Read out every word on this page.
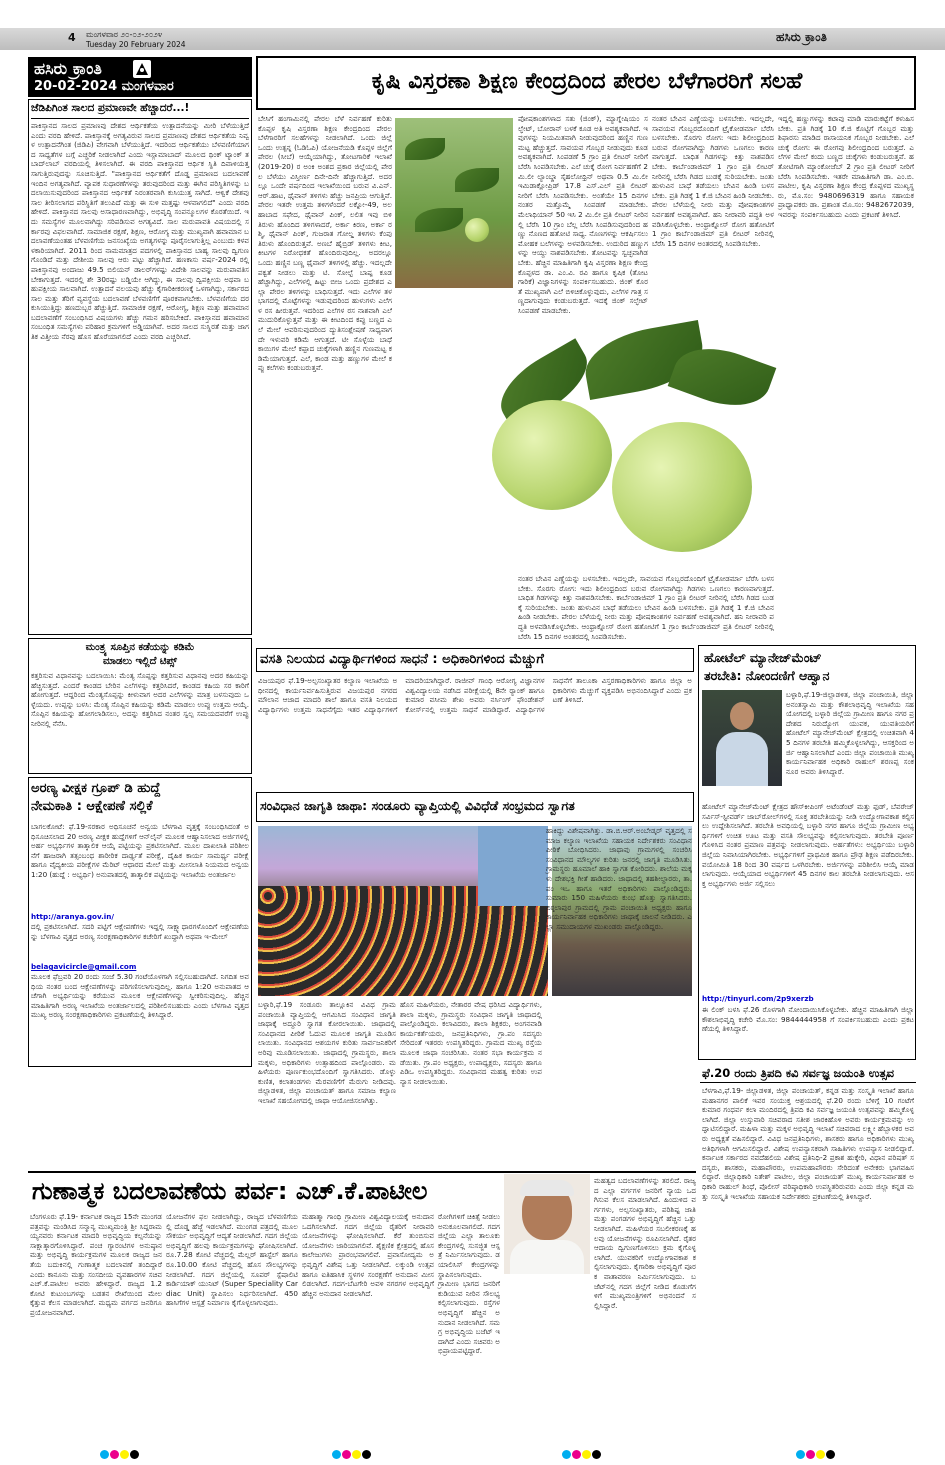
4 ಮಂಗಳವಾರ ೨೦-೦೨-೨೦೨೪
Tuesday 20 February 2024
ಹಸಿರು ಕ್ರಾಂತಿ
ಹಸಿರು ಕ್ರಾಂತಿ
20-02-2024 ಮಂಗಳವಾರ
ಜೆಡಿಪಿಗಿಂತ ಸಾಲದ ಪ್ರಮಾಣವೇ ಹೆಚ್ಚಾದರೆ...!
ಪಾಕಿಸ್ತಾನದ ಸಾಲದ ಪ್ರಮಾಣವು ದೇಶದ ಆರ್ಥಿಕತೆಯ ಉತ್ಪಾದನೆಯನ್ನು ಮೀರಿ ಬೆಳೆಯುತ್ತಿದೆ ಎಂದು ವರದಿ ಹೇಳಿದೆ. ಪಾಕಿಸ್ತಾನಕ್ಕೆ ಅಗತ್ಯವಿರುವ ಸಾಲದ ಪ್ರಮಾಣವು ದೇಶದ ಆರ್ಥಿಕತೆಯ ನಿವ್ವಳ ಉತ್ಪಾದನೆಗಿಂತ (ಜಿಡಿಪಿ) ವೇಗವಾಗಿ ಬೆಳೆಯುತ್ತಿದೆ. ಇದರಿಂದ ಆರ್ಥಿಕತೆಯು ಬೆಳವಣಿಗೆಯಾಗದ ಸಾಧ್ಯತೆಗಳ ಬಗ್ಗೆ ಎಚ್ಚರಿಕೆ ನೀಡಲಾಗಿದೆ ಎಂದು ಇಸ್ಲಾಮಾಬಾದ್ ಮೂಲದ ಥಿಂಕ್ ಟ್ಯಾಂಕ್ ತಬಾದ್‌ಲಾಬ್ ವರದಿಯಲ್ಲಿ ತಿಳಿಸಲಾಗಿದೆ. ಈ ವರದಿ ಪಾಕಿಸ್ತಾನದ ಆರ್ಥಿಕ ಸ್ಥಿತಿ ದಿವಾಳಿಯತ್ತ ಸಾಗುತ್ತಿರುವುದನ್ನು ಸೂಚಿಸುತ್ತಿದೆ. "ಪಾಕಿಸ್ತಾನದ ಆರ್ಥಿಕತೆಗೆ ದೊಡ್ಡ ಪ್ರಮಾಣದ ಬದಲಾವಣೆ ಇಂದಿನ ಅಗತ್ಯವಾಗಿದೆ. ವ್ಯಾಪಕ ಸುಧಾರಣೆಗಳನ್ನು ತರುವುದರಿಂದ ಮತ್ತು ಈಗಿನ ಪರಿಸ್ಥಿತಿಗಳನ್ನು ಬದಲಾಯಿಸುವುದರಿಂದ ಪಾಕಿಸ್ತಾನದ ಆರ್ಥಿಕತೆ ನಿರಂತರವಾಗಿ ಕುಸಿಯುತ್ತ ಸಾಗಿದೆ. ಆಳ್ವಿಕೆ ದೇಶವು ಸಾಲ ತೀರಿಸಲಾಗದ ಪರಿಸ್ಥಿತಿಗೆ ತಲುಪಿದೆ ಮತ್ತು ಈ ಸುಳಿ ಮತ್ತಷ್ಟು ಆಳವಾಗಲಿದೆ" ಎಂದು ವರದಿ ಹೇಳಿದೆ. ಪಾಕಿಸ್ತಾನದ ಸಾಲವು ಅಸಾಧಾರಣವಾಗಿದ್ದು, ಅಭಿವೃದ್ಧಿ ಸಂಪನ್ಮೂಲಗಳ ಕೊರತೆಯಿದೆ. ಇದು ಸಮಸ್ಯೆಗಳ ಮೂಲವಾಗಿದ್ದು ಸರಿಪಡಿಸುವ ಅಗತ್ಯವಿದೆ. ಸಾಲ ಮರುಪಾವತಿ ವಿಷಯದಲ್ಲಿ ಸರ್ಕಾರವು ವಿಫಲವಾಗಿದೆ. ಸಾಮಾಜಿಕ ರಕ್ಷಣೆ, ಶಿಕ್ಷಣ, ಆರೋಗ್ಯ ಮತ್ತು ಮುಖ್ಯವಾಗಿ ಹವಾಮಾನ ಬದಲಾವಣೆಯಂತಹ ಬೆಳವಣಿಗೆಯ ಜನಸಂಖ್ಯೆಯ ಅಗತ್ಯಗಳನ್ನು ಪೂರೈಸಲಾಗುತ್ತಿಲ್ಲ ಎಂಬುದು ಕಳವಳಕಾರಿಯಾಗಿದೆ. 2011 ರಿಂದ ನಾಮಮಾತ್ರದ ಪದಗಳಲ್ಲಿ ಪಾಕಿಸ್ತಾನದ ಬಾಹ್ಯ ಸಾಲವು ದ್ವಿಗುಣಗೊಂಡಿದೆ ಮತ್ತು ದೇಶೀಯ ಸಾಲವು ಆರು ಪಟ್ಟು ಹೆಚ್ಚಾಗಿದೆ. ಹಣಕಾಸು ವರ್ಷ-2024 ರಲ್ಲಿ ಪಾಕಿಸ್ತಾನವು ಅಂದಾಜು 49.5 ಬಿಲಿಯನ್ ಡಾಲರ್‌ಗಳಷ್ಟು ವಿದೇಶಿ ಸಾಲವನ್ನು ಮರುಪಾವತಿಸಬೇಕಾಗುತ್ತದೆ. ಇದರಲ್ಲಿ ಶೇ 30ರಷ್ಟು ಬಡ್ಡಿಯೇ ಆಗಿದ್ದು, ಈ ಸಾಲವು ದ್ವಿಪಕ್ಷೀಯ ಅಥವಾ ಬಹುಪಕ್ಷೀಯ ಸಾಲವಾಗಿದೆ. ಉತ್ಪಾದನೆ ವಲಯವು ಹೆಚ್ಚು ಕೈಗಾರಿಕೀಕರಣಕ್ಕೆ ಒಳಗಾಗಿದ್ದು, ಸರ್ಕಾರದ ಸಾಲ ಮತ್ತು ತೆರಿಗೆ ವ್ಯವಸ್ಥೆಯ ಬದಲಾವಣೆ ಬೆಳವಣಿಗೆಗೆ ಪೂರಕವಾಗಬೇಕು. ಬೆಳವಣಿಗೆಯ ದರ ಕುಸಿಯುತ್ತಿದ್ದು ಹಣದುಬ್ಬರ ಹೆಚ್ಚುತ್ತಿದೆ. ಸಾಮಾಜಿಕ ರಕ್ಷಣೆ, ಆರೋಗ್ಯ, ಶಿಕ್ಷಣ ಮತ್ತು ಹವಾಮಾನ ಬದಲಾವಣೆಗೆ ಸಂಬಂಧಿಸಿದ ವಿಷಯಗಳು ಹೆಚ್ಚು ಗಮನ ಹರಿಸಬೇಕಿದೆ. ಪಾಕಿಸ್ತಾನದ ಹವಾಮಾನ ಸಂಬಂಧಿತ ಸಮಸ್ಯೆಗಳು ಪರಿಹಾರ ಕ್ರಮಗಳಿಗೆ ಅಡ್ಡಿಯಾಗಿವೆ. ಅದರ ಸಾಲದ ಸುಸ್ಥಿರತೆ ಮತ್ತು ಜಾಗತಿಕ ವಿತ್ತೀಯ ನೆರವು ಹೊಸ ಹೊರೆಯಾಗಲಿದೆ ಎಂದು ವರದಿ ಎಚ್ಚರಿಸಿದೆ.
ಮಂತ್ರ್ಯ ಸೂಪ್ತಿನ ಕಡೆಯನ್ನು ಕಡಿಮೆ
ಮಾಡಲು ಇಲ್ಲಿದೆ ಟಿಪ್ಸ್
ಕತ್ತರಿಸುವ ವಿಧಾನವನ್ನು ಬದಲಾಯಿಸಿ: ಮೆಂತ್ಯ ಸೊಪ್ಪನ್ನು ಕತ್ತರಿಸುವ ವಿಧಾನವು ಅದರ ಕಹಿಯನ್ನು ಹೆಚ್ಚಿಸುತ್ತದೆ. ಎಂದರೆ ಕಾಂಡದ ಬೇರಿನ ಎಲೆಗಳನ್ನು ಕತ್ತರಿಸಿದರೆ, ಕಾಂಡದ ಕಹಿಯ ಸರ ಕಾರಿಗೆ ಹೋಗುತ್ತದೆ. ಆದ್ದರಿಂದ ಮೆಂತ್ಯಸೊಪ್ಪನ್ನು ಕೀಳುವಾಗ ಅದರ ಎಲೆಗಳನ್ನು ಮಾತ್ರ ಬಳಸುವುದು ಒಳ್ಳೆಯದು. ಉಪ್ಪನ್ನು ಬಳಸಿ: ಮೆಂತ್ಯ ಸೊಪ್ಪಿನ ಕಹಿಯನ್ನು ಕಡಿಮೆ ಮಾಡಲು ಉಪ್ಪು ಉತ್ತಮ ಆಯ್ಕೆ. ಸೊಪ್ಪಿನ ಕಹಿಯನ್ನು ಹೋಗಲಾಡಿಸಲು, ಅದನ್ನು ಕತ್ತರಿಸಿದ ನಂತರ ಸ್ವಲ್ಪ ಸಮಯದವರೆಗೆ ಉಪ್ಪು ನೀರಿನಲ್ಲಿ ನೆನೆಸಿ.
ಅರಣ್ಯ ವೀಕ್ಷಕ ಗ್ರೂಪ್ ಡಿ ಹುದ್ದೆ
ನೇಮಕಾತಿ : ಆಕ್ಷೇಪಣೆ ಸಲ್ಲಿಕೆ
ಬಾಗಲಕೋಟೆ: ಫೆ.19-ಸರಕಾರ ಅಧಿಸೂಚನೆ ಅನ್ವಯ ಬೆಳಗಾವಿ ವೃತ್ತಕ್ಕೆ ಸಂಬಂಧಿಸಿದಂತೆ ಅಧಿಸೂಚಿಸಲಾದ 20 ಅರಣ್ಯ ವೀಕ್ಷಕ ಹುದ್ದೆಗಳಿಗೆ ಆನ್‌ಲೈನ್ ಮೂಲಕ ಆಹ್ವಾನಿಸಲಾದ ಅರ್ಜಿಗಳಲ್ಲಿ ಅರ್ಹ ಅಭ್ಯರ್ಥಿಗಳ ತಾತ್ಕಾಲಿಕ ಆಯ್ಕೆ ಪಟ್ಟಿಯನ್ನು ಪ್ರಕಟಿಸಲಾಗಿದೆ. ಮೂಲ ದಾಖಲಾತಿ ಪರಿಶೀಲನೆಗೆ ಹಾಜರಾಗಿ ತತ್ಸಂಬಂಧ ಶಾರೀರಿಕ ದಾರ್ಢ್ಯತೆ ಪರೀಕ್ಷೆ, ದೈಹಿಕ ಕಾರ್ಯ ಸಾಮರ್ಥ್ಯ ಪರೀಕ್ಷೆ ಹಾಗೂ ವೈದ್ಯಕೀಯ ಪರೀಕ್ಷೆಗಳ ಮೆರಿಟ್ ಆಧಾರದ ಮೇಲೆ ಮತ್ತು ಮೀಸಲಾತಿ ನಿಯಮದ ಅನ್ವಯ 1:20 (ಹುದ್ದೆ : ಅಭ್ಯರ್ಥಿ) ಅನುಪಾತದಲ್ಲಿ ತಾತ್ಕಾಲಿಕ ಪಟ್ಟಿಯನ್ನು ಇಲಾಖೆಯ ಅಂತರ್ಜಾಲ
http://aranya.gov.in/
ದಲ್ಲಿ ಪ್ರಕಟಿಸಲಾಗಿದೆ. ಸದರಿ ಪಟ್ಟಿಗೆ ಆಕ್ಷೇಪಣೆಗಳು ಇದ್ದಲ್ಲಿ ಸಾಕ್ಷ್ಯಾಧಾರಗಳೊಂದಿಗೆ ಆಕ್ಷೇಪಣೆಯನ್ನು ಬೆಳಗಾವಿ ವೃತ್ತದ ಅರಣ್ಯ ಸಂರಕ್ಷಣಾಧಿಕಾರಿಗಳ ಕಚೇರಿಗೆ ಖುದ್ದಾಗಿ ಅಥವಾ ಇ-ಮೇಲ್
belagavicircle@gmail.com
ಮೂಲಕ ಫೆಬ್ರವರಿ 20 ರಂದು ಸಂಜೆ 5.30 ಗಂಟೆಯೊಳಗಾಗಿ ಸಲ್ಲಿಸಬಹುದಾಗಿದೆ. ನಿಗದಿತ ಅವಧಿಯ ನಂತರ ಬಂದ ಆಕ್ಷೇಪಣೆಗಳನ್ನು ಪರಿಗಣಿಸಲಾಗುವುದಿಲ್ಲ. ಹಾಗೂ 1:20 ಅನುಪಾತದ ಆಚೆಗಾಗಿ ಅಭ್ಯರ್ಥಿಯನ್ನು ಕರೆಯುವ ಮೂಲಕ ಆಕ್ಷೇಪಣೆಗಳನ್ನು ಸ್ವೀಕರಿಸುವುದಿಲ್ಲ. ಹೆಚ್ಚಿನ ಮಾಹಿತಿಗಾಗಿ ಅರಣ್ಯ ಇಲಾಖೆಯ ಅಂತರ್ಜಾಲದಲ್ಲಿ ಪರಿಶೀಲಿಸಬಹುದು ಎಂದು ಬೆಳಗಾವಿ ವೃತ್ತದ ಮುಖ್ಯ ಅರಣ್ಯ ಸಂರಕ್ಷಣಾಧಿಕಾರಿಗಳು ಪ್ರಕಟಣೆಯಲ್ಲಿ ತಿಳಿಸಿದ್ದಾರೆ.
ಕೃಷಿ ವಿಸ್ತರಣಾ ಶಿಕ್ಷಣ ಕೇಂದ್ರದಿಂದ ಪೇರಲ ಬೆಳೆಗಾರರಿಗೆ ಸಲಹೆ
ಬೇಸಿಗೆ ಹಂಗಾಮಿನಲ್ಲಿ ಪೇರಲ ಬೆಳೆ ನಿರ್ವಹಣೆ ಕುರಿತು ಕೊಪ್ಪಳ ಕೃಷಿ ವಿಸ್ತರಣಾ ಶಿಕ್ಷಣ ಕೇಂದ್ರದಿಂದ ಪೇರಲ ಬೆಳೆಗಾರರಿಗೆ ಸಲಹೆಗಳನ್ನು ನೀಡಲಾಗಿದೆ. ಒಂದು ಜಿಲ್ಲೆ ಒಂದು ಉತ್ಪನ್ನ (ಓಡಿಓಪಿ) ಯೋಜನೆಯಡಿ ಕೊಪ್ಪಳ ಜಿಲ್ಲೆಗೆ ಪೇರಲ (ಸೀಬೆ) ಆಯ್ಕೆಯಾಗಿದ್ದು, ತೋಟಗಾರಿಕೆ ಇಲಾಖೆ (2019-20) ರ ಅಂಕಿ ಅಂಶದ ಪ್ರಕಾರ ಜಿಲ್ಲೆಯಲ್ಲಿ ಪೇರಲ ಬೆಳೆಯು ವಿಸ್ತೀರ್ಣ ದಿನೇ-ದಿನೇ ಹೆಚ್ಚಾಗುತ್ತಿದೆ. ಅದರಲ್ಲೂ ಒಂದೇ ವರ್ಷದಿಂದ ಇಲಾಖೆಯಿಂದ ಬರುವ ವಿ.ಎನ್.ಆರ್.ಹಾಟ, ಥೈವಾನ್ ತಳಿಗಳು ಹೆಚ್ಚು ಜನಪ್ರಿಯ ಆಗುತ್ತಿವೆ. ಪೇರಲ ಇತರೇ ಉತ್ತಮ ತಳಿಗಳೆಂದರೆ ಲಕ್ನೋ-49, ಅಲಹಾಬಾದ ಸಫೇದ, ಥೈವಾನ್ ಪಿಂಕ್, ಲಲಿತ ಇವು ಬಿಳಿ ತಿರುಳು ಹೊಂದಿದ ತಳಿಗಳಾದರೆ, ಅರ್ಕಾ ಕಿರಣ, ಅರ್ಕಾ ರಶ್ಮಿ, ಥೈವಾನ್ ಪಿಂಕ್, ಗುಜರಾತ ಗೋಲ್ಡ ತಳಿಗಳು ಕೆಂಪು ತಿರುಳು ಹೊಂದಿರುತ್ತವೆ. ಅಣಬೆ ಹೈಬ್ರಿಡ್ ತಳಿಗಳು ಕೀಟ, ಕೀಟಗಳ ನಿರೋಧಕತೆ ಹೊಂದಿರುವುದಿಲ್ಲ. ಅದರಲ್ಲೂ ಒಂದು ಹಣ್ಣಿನ ಬಣ್ಣ ಥೈವಾನ್ ತಳಿಗಳಲ್ಲಿ ಹೆಚ್ಚು. ಇದಲ್ಲದೇ ಪಕ್ವತೆ ನೀಡಲು ಮತ್ತು ಟಿ. ಸೋಲ್ಟೆ ಬಾಷ್ಪ ಕೂಡ ಹೆಚ್ಚಾಗಿದ್ದು, ಎಲೆಗಳಲ್ಲಿ ಹಿಟ್ಟು ಬೀಜ ಒಂದು ಪ್ರದೇಶದ ಎಲ್ಲಾ ಪೇರಲ ತಳಿಗಳನ್ನು ಬಾಧಿಸುತ್ತದೆ. ಇದು ಎಲೆಗಳ ತಳಭಾಗದಲ್ಲಿ ಮೊಟ್ಟೆಗಳನ್ನು ಇಡುವುದರಿಂದ ಹುಳುಗಳು ಎಲೆಗಳ ರಸ ಹೀರುತ್ತವೆ. ಇದರಿಂದ ಎಲೆಗಳ ರಸ ನಾಶವಾಗಿ ಎಲೆ ಮುದುರಿಕೊಳ್ಳುತ್ತವೆ ಮತ್ತು ಈ ಕೀಟದಿಂದ ಕಪ್ಪು ಬಣ್ಣದ ಎಲೆ ಮೇಲೆ ಆವರಿಸುವುದರಿಂದ ದ್ಯುತಿಸಂಶ್ಲೇಷಣೆ ಸಾಧ್ಯವಾಗದೇ ಇಳುವರಿ ಕಡಿಮೆ ಆಗುತ್ತದೆ. ಟೀ ಸೊಳ್ಳೆಯ ಬಾಧೆ ಕಾಯಿಗಳ ಮೇಲೆ ಕಪ್ಪಾದ ಚುಕ್ಕೆಗಳಾಗಿ ಹಣ್ಣಿನ ಗುಣಮಟ್ಟ ಕಡಿಮೆಯಾಗುತ್ತದೆ. ಎಲೆ, ಕಾಂಡ ಮತ್ತು ಹಣ್ಣುಗಳ ಮೇಲೆ ಕಪ್ಪು ಕಲೆಗಳು ಕಂಡುಬರುತ್ತವೆ.
ಪೋಷಕಾಂಶಗಳಾದ ಸತು (ಜಿಂಕ್), ಮ್ಯಾಗ್ನೇಷಿಯಂ ಸಲ್ಫೇಟ್, ಬೋರಾನ್ ಬಳಕೆ ಕೂಡ ಅತಿ ಅವಶ್ಯಕವಾಗಿದೆ. ಇವುಗಳನ್ನು ನಿಯಮಿತವಾಗಿ ನೀಡುವುದರಿಂದ ಹಣ್ಣಿನ ಗುಣಮಟ್ಟ ಹೆಚ್ಚುತ್ತದೆ. ಸಾವಯವ ಗೊಬ್ಬರ ನೀಡುವುದು ಕೂಡ ಅವಶ್ಯಕವಾಗಿದೆ. ಸಿಂಪಡಣೆ 5 ಗ್ರಾಂ ಪ್ರತಿ ಲೀಟರ್ ನೀರಿಗೆ ಬೆರೆಸಿ ಸಿಂಪಡಿಸಬೇಕು. ಎಲೆ ಚುಕ್ಕೆ ರೋಗ ನಿರ್ವಹಣೆಗೆ 2 ಮಿ.ಲೀ ಲ್ಯಾಂಬ್ಡಾ ಸೈಹಲೋಥ್ರಿನ್ ಅಥವಾ 0.5 ಮಿ.ಲೀ ಇಮಿಡಾಕ್ಲೋಪ್ರಿಡ್ 17.8 ಎಸ್.ಎಲ್ ಪ್ರತಿ ಲೀಟರ್ ನೀರಿಗೆ ಬೆರೆಸಿ ಸಿಂಪಡಿಸಬೇಕು. ಅಂತೆಯೇ 15 ದಿನಗಳ ನಂತರ ಮತ್ತೊಮ್ಮೆ ಸಿಂಪಡಣೆ ಮಾಡಬೇಕು. ಮೆಲಾಥಿಯಾನ್ 50 ಇಸಿ 2 ಮಿ.ಲೀ ಪ್ರತಿ ಲೀಟರ್ ನೀರಿನಲ್ಲಿ ಬೆರೆಸಿ 10 ಗ್ರಾಂ ಬೆಲ್ಲ ಬೆರೆಸಿ ಸಿಂಪಡಿಸುವುದರಿಂದ ಹಣ್ಣು ನೊಣದ ಹತೋಟಿ ಸಾಧ್ಯ. ನೊಣಗಳನ್ನು ಆಕರ್ಷಿಸಲು ಮೋಹಕ ಬಲೆಗಳನ್ನು ಅಳವಡಿಸಬೇಕು. ಉದುರಿದ ಹಣ್ಣುಗಳನ್ನು ಆಯ್ದು ನಾಶಪಡಿಸಬೇಕು. ತೋಟವನ್ನು ಸ್ವಚ್ಛವಾಗಿಡಬೇಕು. ಹೆಚ್ಚಿನ ಮಾಹಿತಿಗಾಗಿ ಕೃಷಿ ವಿಸ್ತರಣಾ ಶಿಕ್ಷಣ ಕೇಂದ್ರ ಕೊಪ್ಪಳದ ಡಾ. ಎಂ.ವಿ. ರವಿ ಹಾಗೂ ಕೃಷಿಕ (ತೋಟಗಾರಿಕೆ) ವಿಜ್ಞಾನಿಗಳನ್ನು ಸಂಪರ್ಕಿಸಬಹುದು. ಜಿಂಕ್ ಕೊರತೆ ಮುಖ್ಯವಾಗಿ ಎಲೆ ಬಿಳಿಚಿಕೊಳ್ಳುವುದು, ಎಲೆಗಳ ಗಾತ್ರ ಸಣ್ಣದಾಗುವುದು ಕಂಡುಬರುತ್ತದೆ. ಇದಕ್ಕೆ ಜಿಂಕ್ ಸಲ್ಫೇಟ್ ಸಿಂಪಡಣೆ ಮಾಡಬೇಕು.
ನಂತರ ಬೇವಿನ ಎಣ್ಣೆಯನ್ನು ಬಳಸಬೇಕು. ಇದಲ್ಲದೇ, ಸಾವಯವ ಗೊಬ್ಬರದೊಂದಿಗೆ ಟ್ರೈಕೋಡರ್ಮಾ ಬೆರೆಸಿ ಬಳಸಬೇಕು. ಸೊರಗು ರೋಗ: ಇದು ಶಿಲೀಂಧ್ರದಿಂದ ಬರುವ ರೋಗವಾಗಿದ್ದು ಗಿಡಗಳು ಒಣಗಲು ಕಾರಣವಾಗುತ್ತದೆ. ಬಾಧಿತ ಗಿಡಗಳನ್ನು ಕಿತ್ತು ನಾಶಪಡಿಸಬೇಕು. ಕಾರ್ಬೆಂಡಾಜಿಮ್ 1 ಗ್ರಾಂ ಪ್ರತಿ ಲೀಟರ್ ನೀರಿನಲ್ಲಿ ಬೆರೆಸಿ ಗಿಡದ ಬುಡಕ್ಕೆ ಸುರಿಯಬೇಕು. ಜಂತು ಹುಳುವಿನ ಬಾಧೆ ತಡೆಯಲು ಬೇವಿನ ಹಿಂಡಿ ಬಳಸಬೇಕು. ಪ್ರತಿ ಗಿಡಕ್ಕೆ 1 ಕೆ.ಜಿ ಬೇವಿನ ಹಿಂಡಿ ನೀಡಬೇಕು. ಪೇರಲ ಬೆಳೆಯಲ್ಲಿ ನೀರು ಮತ್ತು ಪೋಷಕಾಂಶಗಳ ನಿರ್ವಹಣೆ ಅವಶ್ಯವಾಗಿದೆ. ಹನಿ ನೀರಾವರಿ ಪದ್ಧತಿ ಅಳವಡಿಸಿಕೊಳ್ಳಬೇಕು. ಆಂಥ್ರಾಕ್ನೋಸ್ ರೋಗ ಹತೋಟಿಗೆ 1 ಗ್ರಾಂ ಕಾರ್ಬೆಂಡಾಜಿಮ್ ಪ್ರತಿ ಲೀಟರ್ ನೀರಿನಲ್ಲಿ ಬೆರೆಸಿ 15 ದಿನಗಳ ಅಂತರದಲ್ಲಿ ಸಿಂಪಡಿಸಬೇಕು.
ಇದ್ದಲ್ಲಿ ಹಣ್ಣುಗಳನ್ನು ಕಟಾವು ಮಾಡಿ ಮಾರುಕಟ್ಟೆಗೆ ಕಳುಹಿಸಬೇಕು. ಪ್ರತಿ ಗಿಡಕ್ಕೆ 10 ಕೆ.ಜಿ ಕೊಟ್ಟಿಗೆ ಗೊಬ್ಬರ ಮತ್ತು ಶಿಫಾರಸು ಮಾಡಿದ ರಾಸಾಯನಿಕ ಗೊಬ್ಬರ ನೀಡಬೇಕು. ಎಲೆ ಚುಕ್ಕೆ ರೋಗ: ಈ ರೋಗವು ಶಿಲೀಂಧ್ರದಿಂದ ಬರುತ್ತದೆ. ಎಲೆಗಳ ಮೇಲೆ ಕಂದು ಬಣ್ಣದ ಚುಕ್ಕೆಗಳು ಕಂಡುಬರುತ್ತವೆ. ಹತೋಟಿಗಾಗಿ ಮ್ಯಾಂಕೋಜೆಬ್ 2 ಗ್ರಾಂ ಪ್ರತಿ ಲೀಟರ್ ನೀರಿಗೆ ಬೆರೆಸಿ ಸಿಂಪಡಿಸಬೇಕು. ಇತರೇ ಮಾಹಿತಿಗಾಗಿ ಡಾ. ಎಂ.ಬಿ. ಪಾಟೀಲ, ಕೃಷಿ ವಿಸ್ತರಣಾ ಶಿಕ್ಷಣ ಕೇಂದ್ರ ಕೊಪ್ಪಳದ ಮುಖ್ಯಸ್ಥರು, ಮೊ.ಸಂ: 9480696319 ಹಾಗೂ ಸಹಾಯಕ ಪ್ರಾಧ್ಯಾಪಕರು ಡಾ. ಪ್ರಶಾಂತ ಮೊ.ಸಂ: 9482672039, ಇವರನ್ನು ಸಂಪರ್ಕಿಸಬಹುದು ಎಂದು ಪ್ರಕಟಣೆ ತಿಳಿಸಿದೆ.
ನಂತರ ಬೇವಿನ ಎಣ್ಣೆಯನ್ನು ಬಳಸಬೇಕು. ಇದಲ್ಲದೇ, ಸಾವಯವ ಗೊಬ್ಬರದೊಂದಿಗೆ ಟ್ರೈಕೋಡರ್ಮಾ ಬೆರೆಸಿ ಬಳಸಬೇಕು. ಸೊರಗು ರೋಗ: ಇದು ಶಿಲೀಂಧ್ರದಿಂದ ಬರುವ ರೋಗವಾಗಿದ್ದು ಗಿಡಗಳು ಒಣಗಲು ಕಾರಣವಾಗುತ್ತದೆ. ಬಾಧಿತ ಗಿಡಗಳನ್ನು ಕಿತ್ತು ನಾಶಪಡಿಸಬೇಕು. ಕಾರ್ಬೆಂಡಾಜಿಮ್ 1 ಗ್ರಾಂ ಪ್ರತಿ ಲೀಟರ್ ನೀರಿನಲ್ಲಿ ಬೆರೆಸಿ ಗಿಡದ ಬುಡಕ್ಕೆ ಸುರಿಯಬೇಕು. ಜಂತು ಹುಳುವಿನ ಬಾಧೆ ತಡೆಯಲು ಬೇವಿನ ಹಿಂಡಿ ಬಳಸಬೇಕು. ಪ್ರತಿ ಗಿಡಕ್ಕೆ 1 ಕೆ.ಜಿ ಬೇವಿನ ಹಿಂಡಿ ನೀಡಬೇಕು. ಪೇರಲ ಬೆಳೆಯಲ್ಲಿ ನೀರು ಮತ್ತು ಪೋಷಕಾಂಶಗಳ ನಿರ್ವಹಣೆ ಅವಶ್ಯವಾಗಿದೆ. ಹನಿ ನೀರಾವರಿ ಪದ್ಧತಿ ಅಳವಡಿಸಿಕೊಳ್ಳಬೇಕು. ಆಂಥ್ರಾಕ್ನೋಸ್ ರೋಗ ಹತೋಟಿಗೆ 1 ಗ್ರಾಂ ಕಾರ್ಬೆಂಡಾಜಿಮ್ ಪ್ರತಿ ಲೀಟರ್ ನೀರಿನಲ್ಲಿ ಬೆರೆಸಿ 15 ದಿನಗಳ ಅಂತರದಲ್ಲಿ ಸಿಂಪಡಿಸಬೇಕು.
ವಸತಿ ನಿಲಯದ ವಿದ್ಯಾರ್ಥಿಗಳಿಂದ ಸಾಧನೆ : ಅಧಿಕಾರಿಗಳಿಂದ ಮೆಚ್ಚುಗೆ
ವಿಜಯಪುರ ಫೆ.19-ಅಲ್ಪಸಂಖ್ಯಾತರ ಕಲ್ಯಾಣ ಇಲಾಖೆಯ ಅಧೀನದಲ್ಲಿ ಕಾರ್ಯನಿರ್ವಹಿಸುತ್ತಿರುವ ವಿಜಯಪುರ ನಗರದ ಮೌಲಾನ ಆಜಾದ ಮಾದರಿ ಶಾಲೆ ಹಾಗೂ ವಸತಿ ನಿಲಯದ ವಿದ್ಯಾರ್ಥಿಗಳು ಉತ್ತಮ ಸಾಧನೆಗೈದು ಇತರ ವಿದ್ಯಾರ್ಥಿಗಳಿಗೆ ಮಾದರಿಯಾಗಿದ್ದಾರೆ. ರಾಜೀವ್ ಗಾಂಧಿ ಆರೋಗ್ಯ ವಿಜ್ಞಾನಗಳ ವಿಶ್ವವಿದ್ಯಾಲಯ ನಡೆಸಿದ ಪರೀಕ್ಷೆಯಲ್ಲಿ 8ನೇ ರ‍್ಯಾಂಕ್ ಹಾಗೂ ಕುಮಾರ ವಸೀಮ ಶೇಖ ಅವರು ನರ್ಸಿಂಗ್ ಫೌಂಡೇಶನ್ ಕೋರ್ಸ್‌ನಲ್ಲಿ ಉತ್ತಮ ಸಾಧನೆ ಮಾಡಿದ್ದಾರೆ. ವಿದ್ಯಾರ್ಥಿಗಳ ಸಾಧನೆಗೆ ತಾಲೂಕಾ ವಿಸ್ತರಣಾಧಿಕಾರಿಗಳು ಹಾಗೂ ಜಿಲ್ಲಾ ಅಧಿಕಾರಿಗಳು ಮೆಚ್ಚುಗೆ ವ್ಯಕ್ತಪಡಿಸಿ ಅಭಿನಂದಿಸಿದ್ದಾರೆ ಎಂದು ಪ್ರಕಟಣೆ ತಿಳಿಸಿದೆ.
ಸಂವಿಧಾನ ಜಾಗೃತಿ ಜಾಥಾ: ಸಂಡೂರು ವ್ಯಾಪ್ತಿಯಲ್ಲಿ ವಿವಿಧೆಡೆ ಸಂಭ್ರಮದ ಸ್ವಾಗತ
ಬಳ್ಳಾರಿ,ಫೆ.19 ಸಂಡೂರು ತಾಲ್ಲೂಕಿನ ವಿವಿಧ ಗ್ರಾಮ ಪಂಚಾಯಿತಿ ವ್ಯಾಪ್ತಿಯಲ್ಲಿ ಆಗಮಿಸಿದ ಸಂವಿಧಾನ ಜಾಗೃತಿ ಜಾಥಾಕ್ಕೆ ಅದ್ದೂರಿ ಸ್ವಾಗತ ಕೋರಲಾಯಿತು. ಜಾಥಾದಲ್ಲಿ ಸಂವಿಧಾನದ ಪೀಠಿಕೆ ಓದುವ ಮೂಲಕ ಜಾಗೃತಿ ಮೂಡಿಸಲಾಯಿತು. ಸಂವಿಧಾನದ ಆಶಯಗಳ ಕುರಿತು ಸಾರ್ವಜನಿಕರಿಗೆ ಅರಿವು ಮೂಡಿಸಲಾಯಿತು. ಜಾಥಾದಲ್ಲಿ ಗ್ರಾಮಸ್ಥರು, ಶಾಲಾ ಮಕ್ಕಳು, ಅಧಿಕಾರಿಗಳು ಉತ್ಸಾಹದಿಂದ ಪಾಲ್ಗೊಂಡರು. ಮಹಿಳೆಯರು ಪೂರ್ಣಕುಂಭದೊಂದಿಗೆ ಸ್ವಾಗತಿಸಿದರು. ಡೊಳ್ಳು ಕುಣಿತ, ಕಲಾತಂಡಗಳು ಮೆರವಣಿಗೆಗೆ ಮೆರುಗು ನೀಡಿದವು. ಜಿಲ್ಲಾಡಳಿತ, ಜಿಲ್ಲಾ ಪಂಚಾಯತ್ ಹಾಗೂ ಸಮಾಜ ಕಲ್ಯಾಣ ಇಲಾಖೆ ಸಹಯೋಗದಲ್ಲಿ ಜಾಥಾ ಆಯೋಜಿಸಲಾಗಿತ್ತು.
ಹೊಸ ಮಹಿಳೆಯರು, ನೇತಾರರ ವೇಷ ಧರಿಸಿದ ವಿದ್ಯಾರ್ಥಿಗಳು, ಶಾಲಾ ಮಕ್ಕಳು, ಗ್ರಾಮಸ್ಥರು ಸಂವಿಧಾನ ಜಾಗೃತಿ ಜಾಥಾದಲ್ಲಿ ಪಾಲ್ಗೊಂಡಿದ್ದರು. ಕಲಾವಿದರು, ಶಾಲಾ ಶಿಕ್ಷಕರು, ಅಂಗನವಾಡಿ ಕಾರ್ಯಕರ್ತೆಯರು, ಜನಪ್ರತಿನಿಧಿಗಳು, ಗ್ರಾ.ಪಂ ಸದಸ್ಯರು ಸೇರಿದಂತೆ ಇತರರು ಉಪಸ್ಥಿತರಿದ್ದರು. ಗ್ರಾಮದ ಮುಖ್ಯ ರಸ್ತೆಯ ಮೂಲಕ ಜಾಥಾ ಸಂಚರಿಸಿತು. ನಂತರ ಸಭಾ ಕಾರ್ಯಕ್ರಮ ನಡೆಯಿತು. ಗ್ರಾ.ಪಂ ಅಧ್ಯಕ್ಷರು, ಉಪಾಧ್ಯಕ್ಷರು, ಸದಸ್ಯರು ಹಾಗೂ ಪಿಡಿಒ ಉಪಸ್ಥಿತರಿದ್ದರು. ಸಂವಿಧಾನದ ಮಹತ್ವ ಕುರಿತು ಉಪನ್ಯಾಸ ನೀಡಲಾಯಿತು.
ಹಾಕಿದ್ದು ವಿಶೇಷವಾಗಿತ್ತು. ಡಾ.ಬಿ.ಆರ್.ಅಂಬೇಡ್ಕರ್ ವೃತ್ತದಲ್ಲಿ ಸಮಾಜ ಕಲ್ಯಾಣ ಇಲಾಖೆಯ ಸಹಾಯಕ ನಿರ್ದೇಶಕರು ಸಂವಿಧಾನ ಪೀಠಿಕೆ ಬೋಧಿಸಿದರು. ಜಾಥಾವು ಗ್ರಾಮಗಳಲ್ಲಿ ಸಂಚರಿಸಿ ಸಂವಿಧಾನದ ಮೌಲ್ಯಗಳ ಕುರಿತು ಜನರಲ್ಲಿ ಜಾಗೃತಿ ಮೂಡಿಸಿತು. ಗ್ರಾಮಸ್ಥರು ಹೂಮಾಲೆ ಹಾಕಿ ಸ್ವಾಗತ ಕೋರಿದರು. ಶಾಲೆಯ ಮಕ್ಕಳು ದೇಶಭಕ್ತಿ ಗೀತೆ ಹಾಡಿದರು. ಜಾಥಾದಲ್ಲಿ ತಹಶೀಲ್ದಾರರು, ತಾ.ಪಂ ಇಒ ಹಾಗೂ ಇತರೆ ಅಧಿಕಾರಿಗಳು ಪಾಲ್ಗೊಂಡಿದ್ದರು. ಸುಮಾರು 150 ಮಹಿಳೆಯರು ಕುಂಭ ಹೊತ್ತು ಸ್ವಾಗತಿಸಿದರು. ವಿಠ್ಠಲಾಪುರ ಗ್ರಾಮದಲ್ಲಿ ಗ್ರಾಮ ಪಂಚಾಯಿತಿ ಅಧ್ಯಕ್ಷರು ಹಾಗೂ ಕಾರ್ಯನಿರ್ವಾಹಕ ಅಧಿಕಾರಿಗಳು ಜಾಥಾಕ್ಕೆ ಚಾಲನೆ ನೀಡಿದರು. ಎಲ್ಲಾ ಸಮುದಾಯಗಳ ಮುಖಂಡರು ಪಾಲ್ಗೊಂಡಿದ್ದರು.
ಹೋಟೆಲ್ ಮ್ಯಾನೇಜ್‌ಮೆಂಟ್
ತರಬೇತಿ: ನೋಂದಣಿಗೆ ಆಹ್ವಾನ
ಬಳ್ಳಾರಿ,ಫೆ.19-ಜಿಲ್ಲಾಡಳಿತ, ಜಿಲ್ಲಾ ಪಂಚಾಯಿತಿ, ಜಿಲ್ಲಾ ಅನಂತಸ್ವಾಮಿ ಮತ್ತು ಕೌಶಲಾಭಿವೃದ್ಧಿ ಇಲಾಖೆಯ ಸಹಯೋಗದಲ್ಲಿ ಬಳ್ಳಾರಿ ಜಿಲ್ಲೆಯ ಗ್ರಾಮೀಣ ಹಾಗೂ ನಗರ ಪ್ರದೇಶದ ನಿರುದ್ಯೋಗ ಯುವಕ, ಯುವತಿಯರಿಗೆ ಹೋಟೆಲ್ ಮ್ಯಾನೇಜ್‌ಮೆಂಟ್ ಕ್ಷೇತ್ರದಲ್ಲಿ ಉಚಿತವಾಗಿ 45 ದಿನಗಳ ತರಬೇತಿ ಹಮ್ಮಿಕೊಳ್ಳಲಾಗಿದ್ದು, ಆಸಕ್ತರಿಂದ ಅರ್ಜಿ ಆಹ್ವಾನಿಸಲಾಗಿದೆ ಎಂದು ಜಿಲ್ಲಾ ಪಂಚಾಯಿತಿ ಮುಖ್ಯ ಕಾರ್ಯನಿರ್ವಾಹಕ ಅಧಿಕಾರಿ ರಾಹುಲ್ ಶರಣಪ್ಪ ಸಂಕನೂರ ಅವರು ತಿಳಿಸಿದ್ದಾರೆ.
ಹೋಟೆಲ್ ಮ್ಯಾನೇಜ್‌ಮೆಂಟ್ ಕ್ಷೇತ್ರದ ಹೌಸ್‌ಕೀಪಿಂಗ್ ಅಟೆಂಡೆಂಟ್ ಮತ್ತು ಫುಡ್, ಬೆವರೇಜ್ ಸರ್ವಿಸ್-ಸ್ಟೀವರ್ಡ್ ಜಾಬ್‌ರೋಲ್‌ಗಳಲ್ಲಿ ಸೂಕ್ತ ತರಬೇತಿಯನ್ನು ನೀಡಿ ಉದ್ಯೋಗಾವಕಾಶ ಕಲ್ಪಿಸಲು ಉದ್ದೇಶಿಸಲಾಗಿದೆ. ತರಬೇತಿ ಅವಧಿಯಲ್ಲಿ ಬಳ್ಳಾರಿ ನಗರ ಹಾಗೂ ಜಿಲ್ಲೆಯ ಗ್ರಾಮೀಣ ಅಭ್ಯರ್ಥಿಗಳಿಗೆ ಉಚಿತ ಊಟ ಮತ್ತು ವಸತಿ ಸೌಲಭ್ಯವನ್ನು ಕಲ್ಪಿಸಲಾಗುವುದು. ತರಬೇತಿ ಪೂರ್ಣಗೊಳಿಸಿದ ನಂತರ ಪ್ರಮಾಣ ಪತ್ರವನ್ನು ನೀಡಲಾಗುವುದು. ಅರ್ಹತೆಗಳು: ಅಭ್ಯರ್ಥಿಯು ಬಳ್ಳಾರಿ ಜಿಲ್ಲೆಯ ನಿವಾಸಿಯಾಗಿರಬೇಕು. ಅಭ್ಯರ್ಥಿಗಳಿಗೆ ಪ್ರಾಥಮಿಕ ಹಾಗೂ ಪ್ರೌಢ ಶಿಕ್ಷಣ ಪಡೆದಿರಬೇಕು. ವಯೋಮಿತಿ 18 ರಿಂದ 30 ವರ್ಷದ ಒಳಗಿರಬೇಕು. ಅರ್ಜಿಗಳನ್ನು ಪರಿಶೀಲಿಸಿ ಆಯ್ಕೆ ಮಾಡಲಾಗುವುದು. ಆಯ್ಕೆಯಾದ ಅಭ್ಯರ್ಥಿಗಳಿಗೆ 45 ದಿನಗಳ ಕಾಲ ತರಬೇತಿ ನೀಡಲಾಗುವುದು. ಆಸಕ್ತ ಅಭ್ಯರ್ಥಿಗಳು ಅರ್ಜಿ ಸಲ್ಲಿಸಲು
http://tinyurl.com/2p9xerzb
ಈ ಲಿಂಕ್ ಬಳಸಿ ಫೆ.26 ರೊಳಗಾಗಿ ನೋಂದಾಯಿಸಿಕೊಳ್ಳಬೇಕು. ಹೆಚ್ಚಿನ ಮಾಹಿತಿಗಾಗಿ ಜಿಲ್ಲಾ ಕೌಶಲಾಭಿವೃದ್ಧಿ ಕಚೇರಿ ಮೊ.ಸಂ: 9844444958 ಗೆ ಸಂಪರ್ಕಿಸಬಹುದು ಎಂದು ಪ್ರಕಟಣೆಯಲ್ಲಿ ತಿಳಿಸಿದ್ದಾರೆ.
ಫೆ.20 ರಂದು ತ್ರಿಪದಿ ಕವಿ ಸರ್ವಜ್ಞ ಜಯಂತಿ ಉತ್ಸವ
ಬೆಳಗಾವಿ,ಫೆ.19- ಜಿಲ್ಲಾಡಳಿತ, ಜಿಲ್ಲಾ ಪಂಚಾಯತ್, ಕನ್ನಡ ಮತ್ತು ಸಂಸ್ಕೃತಿ ಇಲಾಖೆ ಹಾಗೂ ಮಹಾನಗರ ಪಾಲಿಕೆ ಇವರ ಸಂಯುಕ್ತ ಆಶ್ರಯದಲ್ಲಿ ಫೆ.20 ರಂದು ಬೆಳಿಗ್ಗೆ 10 ಗಂಟೆಗೆ ಕುಮಾರ ಗಂಧರ್ವ ಕಲಾ ಮಂದಿರದಲ್ಲಿ ತ್ರಿಪದಿ ಕವಿ ಸರ್ವಜ್ಞ ಜಯಂತಿ ಉತ್ಸವವನ್ನು ಹಮ್ಮಿಕೊಳ್ಳಲಾಗಿದೆ. ಜಿಲ್ಲಾ ಉಸ್ತುವಾರಿ ಸಚಿವರಾದ ಸತೀಶ ಜಾರಕಿಹೊಳಿ ಅವರು ಕಾರ್ಯಕ್ರಮವನ್ನು ಉದ್ಘಾಟಿಸಲಿದ್ದಾರೆ. ಮಹಿಳಾ ಮತ್ತು ಮಕ್ಕಳ ಅಭಿವೃದ್ಧಿ ಇಲಾಖೆ ಸಚಿವರಾದ ಲಕ್ಷ್ಮೀ ಹೆಬ್ಬಾಳಕರ ಅವರು ಅಧ್ಯಕ್ಷತೆ ವಹಿಸಲಿದ್ದಾರೆ. ವಿವಿಧ ಜನಪ್ರತಿನಿಧಿಗಳು, ಶಾಸಕರು ಹಾಗೂ ಅಧಿಕಾರಿಗಳು ಮುಖ್ಯ ಅತಿಥಿಗಳಾಗಿ ಆಗಮಿಸಲಿದ್ದಾರೆ. ವಿಶೇಷ ಉಪನ್ಯಾಸಕರಾಗಿ ಸಾಹಿತಿಗಳು ಉಪನ್ಯಾಸ ನೀಡಲಿದ್ದಾರೆ. ಕರ್ನಾಟಕ ಸರ್ಕಾರದ ನವದೆಹಲಿಯ ವಿಶೇಷ ಪ್ರತಿನಿಧಿ-2 ಪ್ರಕಾಶ ಹುಕ್ಕೇರಿ, ವಿಧಾನ ಪರಿಷತ್ ಸದಸ್ಯರು, ಶಾಸಕರು, ಮಹಾಪೌರರು, ಉಪಮಹಾಪೌರರು ಸೇರಿದಂತೆ ಅನೇಕರು ಭಾಗವಹಿಸಲಿದ್ದಾರೆ. ಜಿಲ್ಲಾಧಿಕಾರಿ ನಿತೇಶ್ ಪಾಟೀಲ, ಜಿಲ್ಲಾ ಪಂಚಾಯತ್ ಮುಖ್ಯ ಕಾರ್ಯನಿರ್ವಾಹಕ ಅಧಿಕಾರಿ ರಾಹುಲ್ ಶಿಂಧೆ, ಪೊಲೀಸ್ ವರಿಷ್ಠಾಧಿಕಾರಿ ಉಪಸ್ಥಿತರಿರುವರು ಎಂದು ಜಿಲ್ಲಾ ಕನ್ನಡ ಮತ್ತು ಸಂಸ್ಕೃತಿ ಇಲಾಖೆಯ ಸಹಾಯಕ ನಿರ್ದೇಶಕರು ಪ್ರಕಟಣೆಯಲ್ಲಿ ತಿಳಿಸಿದ್ದಾರೆ.
ಗುಣಾತ್ಮಕ ಬದಲಾವಣೆಯ ಪರ್ವ: ಎಚ್.ಕೆ.ಪಾಟೀಲ
ಬೆಂಗಳೂರು ಫೆ.19- ಕರ್ನಾಟಕ ರಾಜ್ಯದ 15ನೇ ಮುಂಗಡ ಪತ್ರವನ್ನು ಮಂಡಿಸಿದ ಸನ್ಮಾನ್ಯ ಮುಖ್ಯಮಂತ್ರಿ ಶ್ರೀ ಸಿದ್ದರಾಮಯ್ಯನವರು ಕರ್ನಾಟಕ ಮಾದರಿ ಅಭಿವೃದ್ಧಿಯ ಕಲ್ಪನೆಯನ್ನು ಸಾಕ್ಷಾತ್ಕಾರಗೊಳಿಸಿದ್ದಾರೆ. ಪಂಚ ಗ್ಯಾರಂಟಿಗಳ ಅನುಷ್ಠಾನ ಮತ್ತು ಅಭಿವೃದ್ಧಿ ಕಾರ್ಯಕ್ರಮಗಳ ಮೂಲಕ ರಾಜ್ಯದ ಜನತೆಯ ಬದುಕಿನಲ್ಲಿ ಗುಣಾತ್ಮಕ ಬದಲಾವಣೆ ತಂದಿದ್ದಾರೆ ಎಂದು ಕಾನೂನು ಮತ್ತು ಸಂಸದೀಯ ವ್ಯವಹಾರಗಳ ಸಚಿವ ಎಚ್.ಕೆ.ಪಾಟೀಲ ಅವರು ಹೇಳಿದ್ದಾರೆ. ರಾಜ್ಯದ 1.2 ಕೋಟಿ ಕುಟುಂಬಗಳನ್ನು ಬಡತನ ರೇಖೆಯಿಂದ ಮೇಲಕ್ಕೆತ್ತುವ ಕೆಲಸ ಮಾಡಲಾಗಿದೆ. ಮಧ್ಯಮ ವರ್ಗದ ಜನರಿಗೂ ಪ್ರಯೋಜನವಾಗಿದೆ.
ಯೋಜನೆಗಳ ಫಲ ನೀಡಲಾಗಿದ್ದು, ರಾಜ್ಯದ ಬೆಳವಣಿಗೆಯಲ್ಲಿ ದೊಡ್ಡ ಹೆಜ್ಜೆ ಇಡಲಾಗಿದೆ. ಮುಂಗಡ ಪತ್ರದಲ್ಲಿ ಮೂಲಸೌಕರ್ಯ ಅಭಿವೃದ್ಧಿಗೆ ಆದ್ಯತೆ ನೀಡಲಾಗಿದೆ. ಗದಗ ಜಿಲ್ಲೆಯ ಅಭಿವೃದ್ಧಿಗೆ ಹಲವು ಕಾರ್ಯಕ್ರಮಗಳನ್ನು ಘೋಷಿಸಲಾಗಿದೆ. ರೂ.7.28 ಕೋಟಿ ವೆಚ್ಚದಲ್ಲಿ ಮೆಲ್ಲರ್ ಹಾಸ್ಟೆಲ್ ಹಾಗೂ ರೂ.10.00 ಕೋಟಿ ವೆಚ್ಚದಲ್ಲಿ ಹೊಸ ಸೌಲಭ್ಯಗಳನ್ನು ನೀಡಲಾಗಿದೆ. ಗದಗ ಜಿಲ್ಲೆಯಲ್ಲಿ ಸೂಪರ್ ಸ್ಪೆಷಾಲಿಟಿ ಕಾರ್ಡಿಯಾಕ್ ಯುನಿಟ್ (Super Speciality Cardiac Unit) ಸ್ಥಾಪಿಸಲು ನಿರ್ಧರಿಸಲಾಗಿದೆ. 450 ಹಾಸಿಗೆಗಳ ಆಸ್ಪತ್ರೆ ನಿರ್ಮಾಣ ಕೈಗೊಳ್ಳಲಾಗುವುದು.
ಮಹಾತ್ಮಾ ಗಾಂಧಿ ಗ್ರಾಮೀಣ ವಿಶ್ವವಿದ್ಯಾಲಯಕ್ಕೆ ಅನುದಾನ ಒದಗಿಸಲಾಗಿದೆ. ಗದಗ ಜಿಲ್ಲೆಯ ರೈತರಿಗೆ ನೀರಾವರಿ ಯೋಜನೆಗಳನ್ನು ಘೋಷಿಸಲಾಗಿದೆ. ಕೆರೆ ತುಂಬಿಸುವ ಯೋಜನೆಗಳು ಜಾರಿಯಾಗಲಿವೆ. ಶೈಕ್ಷಣಿಕ ಕ್ಷೇತ್ರದಲ್ಲಿ ಹೊಸ ಕಾಲೇಜುಗಳು ಪ್ರಾರಂಭವಾಗಲಿವೆ. ಪ್ರವಾಸೋದ್ಯಮ ಅಭಿವೃದ್ಧಿಗೆ ವಿಶೇಷ ಒತ್ತು ನೀಡಲಾಗಿದೆ. ಲಕ್ಕುಂಡಿ ಉತ್ಸವ ಹಾಗೂ ಐತಿಹಾಸಿಕ ಸ್ಥಳಗಳ ಸಂರಕ್ಷಣೆಗೆ ಅನುದಾನ ಮೀಸಲಿಡಲಾಗಿದೆ. ಗದಗ-ಬೆಟಗೇರಿ ಅವಳಿ ನಗರಗಳ ಅಭಿವೃದ್ಧಿಗೆ ಹೆಚ್ಚಿನ ಅನುದಾನ ನೀಡಲಾಗಿದೆ.
ರೋಗಿಗಳಿಗೆ ಚಿಕಿತ್ಸೆ ನೀಡಲು ಅನುಕೂಲವಾಗಲಿದೆ. ಗದಗ ಜಿಲ್ಲೆಯ ಎಲ್ಲಾ ತಾಲೂಕು ಕೇಂದ್ರಗಳಲ್ಲಿ ಸುಸಜ್ಜಿತ ಆಸ್ಪತ್ರೆ ನಿರ್ಮಿಸಲಾಗುವುದು. ಡಯಾಲಿಸಿಸ್ ಕೇಂದ್ರಗಳನ್ನು ಸ್ಥಾಪಿಸಲಾಗುವುದು. ಗ್ರಾಮೀಣ ಭಾಗದ ಜನರಿಗೆ ಕುಡಿಯುವ ನೀರಿನ ಸೌಲಭ್ಯ ಕಲ್ಪಿಸಲಾಗುವುದು. ರಸ್ತೆಗಳ ಅಭಿವೃದ್ಧಿಗೆ ಹೆಚ್ಚಿನ ಅನುದಾನ ನೀಡಲಾಗಿದೆ. ಸಮಗ್ರ ಅಭಿವೃದ್ಧಿಯ ಬಜೆಟ್ ಇದಾಗಿದೆ ಎಂದು ಸಚಿವರು ಅಭಿಪ್ರಾಯಪಟ್ಟಿದ್ದಾರೆ.
ಮಹತ್ವದ ಬದಲಾವಣೆಗಳನ್ನು ತರಲಿದೆ. ರಾಜ್ಯದ ಎಲ್ಲಾ ವರ್ಗಗಳ ಜನರಿಗೆ ನ್ಯಾಯ ಒದಗಿಸುವ ಕೆಲಸ ಮಾಡಲಾಗಿದೆ. ಹಿಂದುಳಿದ ವರ್ಗಗಳು, ಅಲ್ಪಸಂಖ್ಯಾತರು, ಪರಿಶಿಷ್ಟ ಜಾತಿ ಮತ್ತು ಪಂಗಡಗಳ ಅಭಿವೃದ್ಧಿಗೆ ಹೆಚ್ಚಿನ ಒತ್ತು ನೀಡಲಾಗಿದೆ. ಮಹಿಳೆಯರ ಸಬಲೀಕರಣಕ್ಕೆ ಹಲವು ಯೋಜನೆಗಳನ್ನು ರೂಪಿಸಲಾಗಿದೆ. ರೈತರ ಆದಾಯ ದ್ವಿಗುಣಗೊಳಿಸಲು ಕ್ರಮ ಕೈಗೊಳ್ಳಲಾಗಿದೆ. ಯುವಕರಿಗೆ ಉದ್ಯೋಗಾವಕಾಶ ಕಲ್ಪಿಸಲಾಗುವುದು. ಕೈಗಾರಿಕಾ ಅಭಿವೃದ್ಧಿಗೆ ಪೂರಕ ವಾತಾವರಣ ನಿರ್ಮಿಸಲಾಗುವುದು. ಬಜೆಟ್‌ನಲ್ಲಿ ಗದಗ ಜಿಲ್ಲೆಗೆ ನೀಡಿದ ಕೊಡುಗೆಗಳಿಗೆ ಮುಖ್ಯಮಂತ್ರಿಗಳಿಗೆ ಅಭಿನಂದನೆ ಸಲ್ಲಿಸಿದ್ದಾರೆ.
